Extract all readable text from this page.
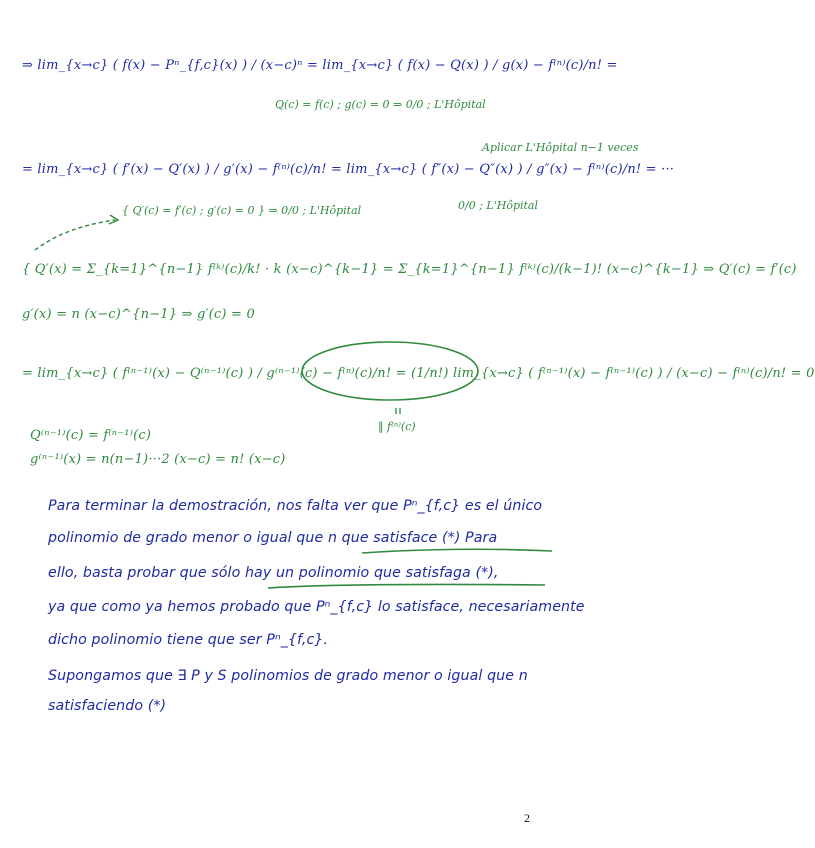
⇒ lim_{x→c} ( f(x) − Pⁿ_{f,c}(x) ) / (x−c)ⁿ = lim_{x→c} ( f(x) − Q(x) ) / g(x) − f⁽ⁿ⁾(c)/n! =
Q(c) = f(c) ; g(c) = 0 ⇒ 0/0 ; L'Hôpital
= lim_{x→c} ( f′(x) − Q′(x) ) / g′(x) − f⁽ⁿ⁾(c)/n! = lim_{x→c} ( f″(x) − Q″(x) ) / g″(x) − f⁽ⁿ⁾(c)/n! = ···
Aplicar L'Hôpital n−1 veces
0/0 ; L'Hôpital
{ Q′(c) = f′(c) ; g′(c) = 0 } ⇒ 0/0 ; L'Hôpital
{ Q′(x) = Σ_{k=1}^{n−1} f⁽ᵏ⁾(c)/k! · k (x−c)^{k−1} = Σ_{k=1}^{n−1} f⁽ᵏ⁾(c)/(k−1)! (x−c)^{k−1} ⇒ Q′(c) = f′(c)
g′(x) = n (x−c)^{n−1} ⇒ g′(c) = 0
= lim_{x→c} ( f⁽ⁿ⁻¹⁾(x) − Q⁽ⁿ⁻¹⁾(c) ) / g⁽ⁿ⁻¹⁾(c) − f⁽ⁿ⁾(c)/n! = (1/n!) lim_{x→c} ( f⁽ⁿ⁻¹⁾(x) − f⁽ⁿ⁻¹⁾(c) ) / (x−c) − f⁽ⁿ⁾(c)/n! = 0
‖ f⁽ⁿ⁾(c)
Q⁽ⁿ⁻¹⁾(c) = f⁽ⁿ⁻¹⁾(c)
g⁽ⁿ⁻¹⁾(x) = n(n−1)···2 (x−c) = n! (x−c)
Para terminar la demostración, nos falta ver que Pⁿ_{f,c} es el único
polinomio de grado menor o igual que n que satisface (*) Para
ello, basta probar que sólo hay un polinomio que satisfaga (*),
ya que como ya hemos probado que Pⁿ_{f,c} lo satisface, necesariamente
dicho polinomio tiene que ser Pⁿ_{f,c}.
Supongamos que ∃ P y S polinomios de grado menor o igual que n
satisfaciendo (*)
2
